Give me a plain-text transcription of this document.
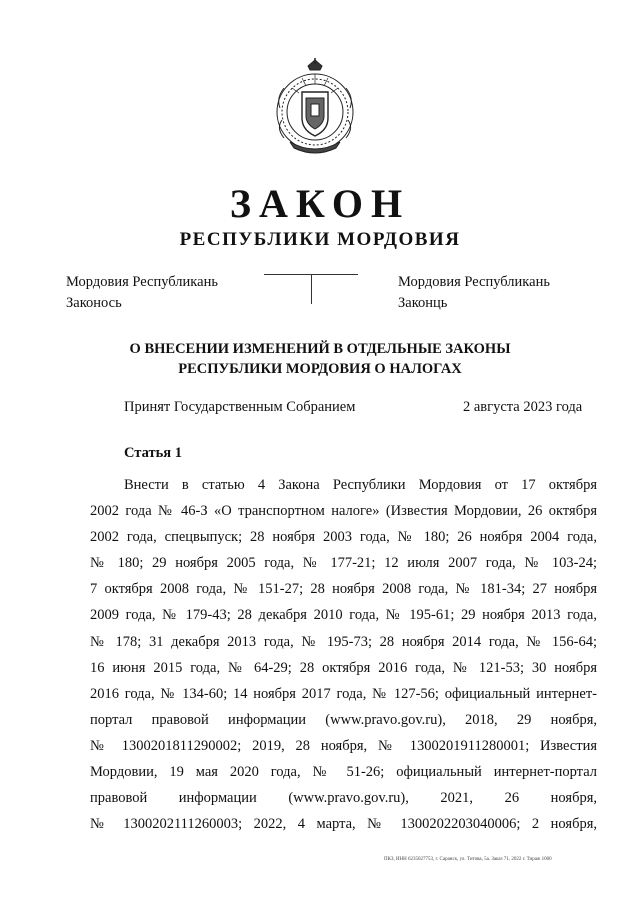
ЗАКОН
РЕСПУБЛИКИ МОРДОВИЯ
Мордовия Республикань
Законось
Мордовия Республикань
Законць
О ВНЕСЕНИИ ИЗМЕНЕНИЙ В ОТДЕЛЬНЫЕ ЗАКОНЫ
РЕСПУБЛИКИ МОРДОВИЯ О НАЛОГАХ
Принят Государственным Собранием	2 августа 2023 года
Статья 1
Внести в статью 4 Закона Республики Мордовия от 17 октября
2002 года № 46-З «О транспортном налоге» (Известия Мордовии, 26 октября
2002 года, спецвыпуск; 28 ноября 2003 года, № 180; 26 ноября 2004 года,
№ 180; 29 ноября 2005 года, № 177-21; 12 июля 2007 года, № 103-24;
7 октября 2008 года, № 151-27; 28 ноября 2008 года, № 181-34; 27 ноября
2009 года, № 179-43; 28 декабря 2010 года, № 195-61; 29 ноября 2013 года,
№ 178; 31 декабря 2013 года, № 195-73; 28 ноября 2014 года, № 156-64;
16 июня 2015 года, № 64-29; 28 октября 2016 года, № 121-53; 30 ноября
2016 года, № 134-60; 14 ноября 2017 года, № 127-56; официальный интернет-
портал правовой информации (www.pravo.gov.ru), 2018, 29 ноября,
№ 1300201811290002; 2019, 28 ноября, № 1300201911280001; Известия
Мордовии, 19 мая 2020 года, № 51-26; официальный интернет-портал
правовой информации (www.pravo.gov.ru), 2021, 26 ноября,
№ 1300202111260003; 2022, 4 марта, № 1300202203040006; 2 ноября,
ПКЗ, ИНН 6235027753, г. Саранск, ул. Титова, 5а. Заказ 71. 2022 г. Тираж 1000
